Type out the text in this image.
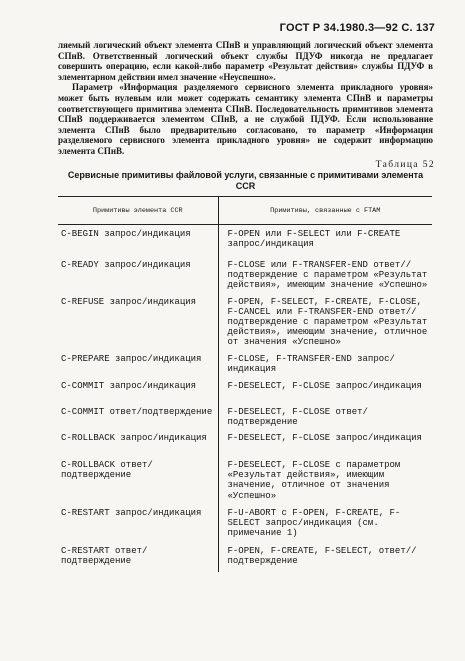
ГОСТ Р 34.1980.3—92 С. 137

ляемый логический объект элемента СПнВ и управляющий логический объект элемента СПнВ. Ответственный логический объект службы ПДУФ никогда не предлагает совершить операцию, если какой-либо параметр «Результат действия» службы ПДУФ в элементарном действии имел значение «Неуспешно».

Параметр «Информация разделяемого сервисного элемента прикладного уровня» может быть нулевым или может содержать семантику элемента СПнВ и параметры соответствующего примитива элемента СПнВ. Последовательность примитивов элемента СПнВ поддерживается элементом СПнВ, а не службой ПДУФ. Если использование элемента СПнВ было предварительно согласовано, то параметр «Информация разделяемого сервисного элемента прикладного уровня» не содержит информацию элемента СПнВ.

Таблица 52
Сервисные примитивы файловой услуги, связанные с примитивами элемента CCR
Примитивы элемента CCR	Примитивы, связанные с FTAM
C-BEGIN запрос/индикация	F-OPEN или F-SELECT или F-CREATE запрос/индикация
C-READY запрос/индикация	F-CLOSE или F-TRANSFER-END ответ//подтверждение с параметром «Результат действия», имеющим значение «Успешно»
C-REFUSE запрос/индикация	F-OPEN, F-SELECT, F-CREATE, F-CLOSE, F-CANCEL или F-TRANSFER-END ответ//подтверждение с параметром «Результат действия», имеющим значение, отличное от значения «Успешно»
C-PREPARE запрос/индикация	F-CLOSE, F-TRANSFER-END запрос/индикация
C-COMMIT запрос/индикация	F-DESELECT, F-CLOSE запрос/индикация
C-COMMIT ответ/подтверждение	F-DESELECT, F-CLOSE ответ/подтверждение
C-ROLLBACK запрос/индикация	F-DESELECT, F-CLOSE запрос/индикация
C-ROLLBACK ответ/подтверждение	F-DESELECT, F-CLOSE с параметром «Результат действия», имеющим значение, отличное от значения «Успешно»
C-RESTART запрос/индикация	F-U-ABORT с F-OPEN, F-CREATE, F-SELECT запрос/индикация (см. примечание 1)
C-RESTART ответ/подтверждение	F-OPEN, F-CREATE, F-SELECT, ответ//подтверждение
